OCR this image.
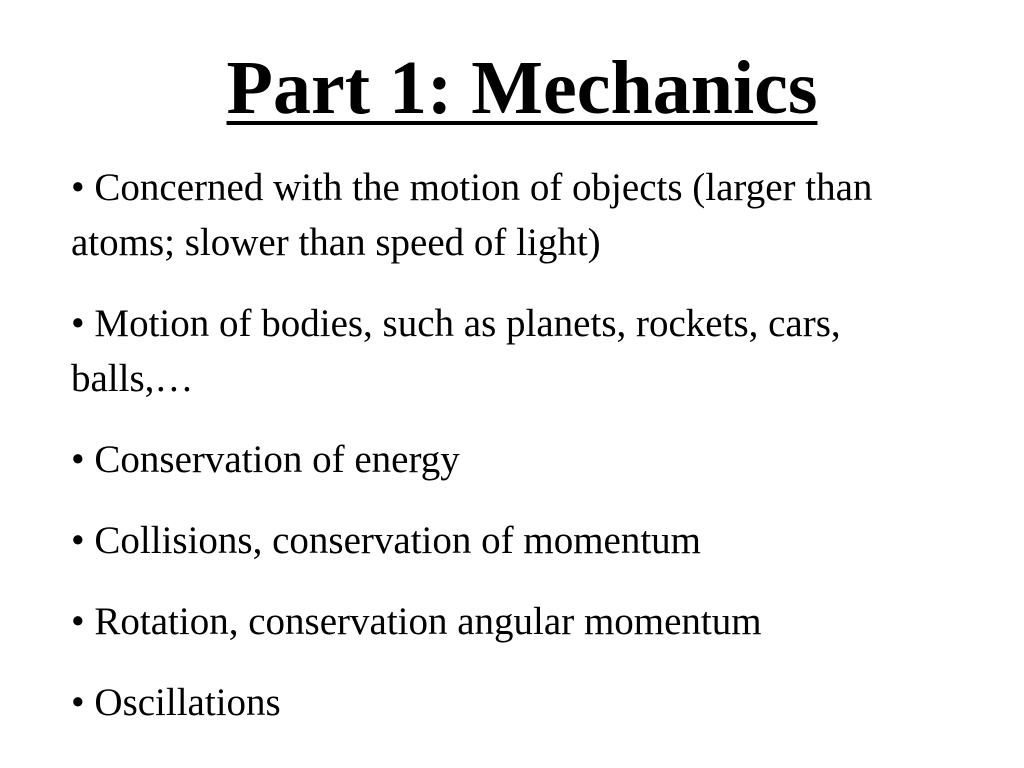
Part 1: Mechanics
• Concerned with the motion of objects (larger than atoms; slower than speed of light)
• Motion of bodies, such as planets, rockets, cars, balls,…
• Conservation of energy
• Collisions, conservation of momentum
• Rotation, conservation angular momentum
• Oscillations
